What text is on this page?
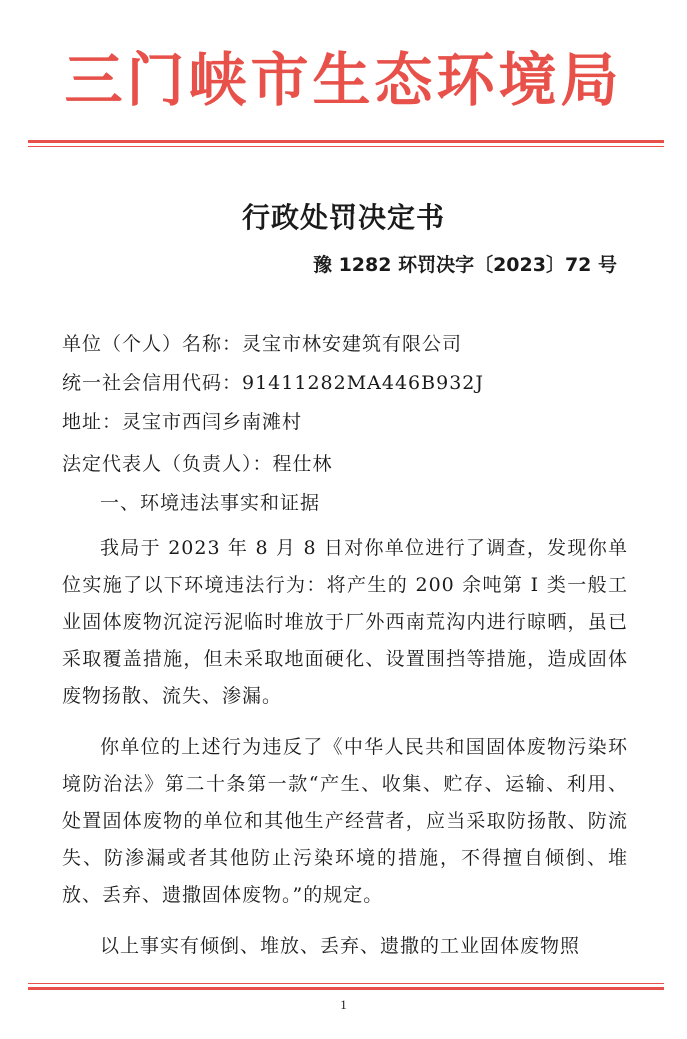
三门峡市生态环境局
行政处罚决定书
豫 1282 环罚决字〔2023〕72 号
单位（个人）名称：灵宝市林安建筑有限公司
统一社会信用代码：91411282MA446B932J
地址：灵宝市西闫乡南滩村
法定代表人（负责人）：程仕林
一、环境违法事实和证据
我局于 2023 年 8 月 8 日对你单位进行了调查，发现你单位实施了以下环境违法行为：将产生的 200 余吨第 Ⅰ 类一般工业固体废物沉淀污泥临时堆放于厂外西南荒沟内进行晾晒，虽已采取覆盖措施，但未采取地面硬化、设置围挡等措施，造成固体废物扬散、流失、渗漏。
你单位的上述行为违反了《中华人民共和国固体废物污染环境防治法》第二十条第一款“产生、收集、贮存、运输、利用、处置固体废物的单位和其他生产经营者，应当采取防扬散、防流失、防渗漏或者其他防止污染环境的措施，不得擅自倾倒、堆放、丢弃、遗撒固体废物。”的规定。
以上事实有倾倒、堆放、丢弃、遗撒的工业固体废物照
1
